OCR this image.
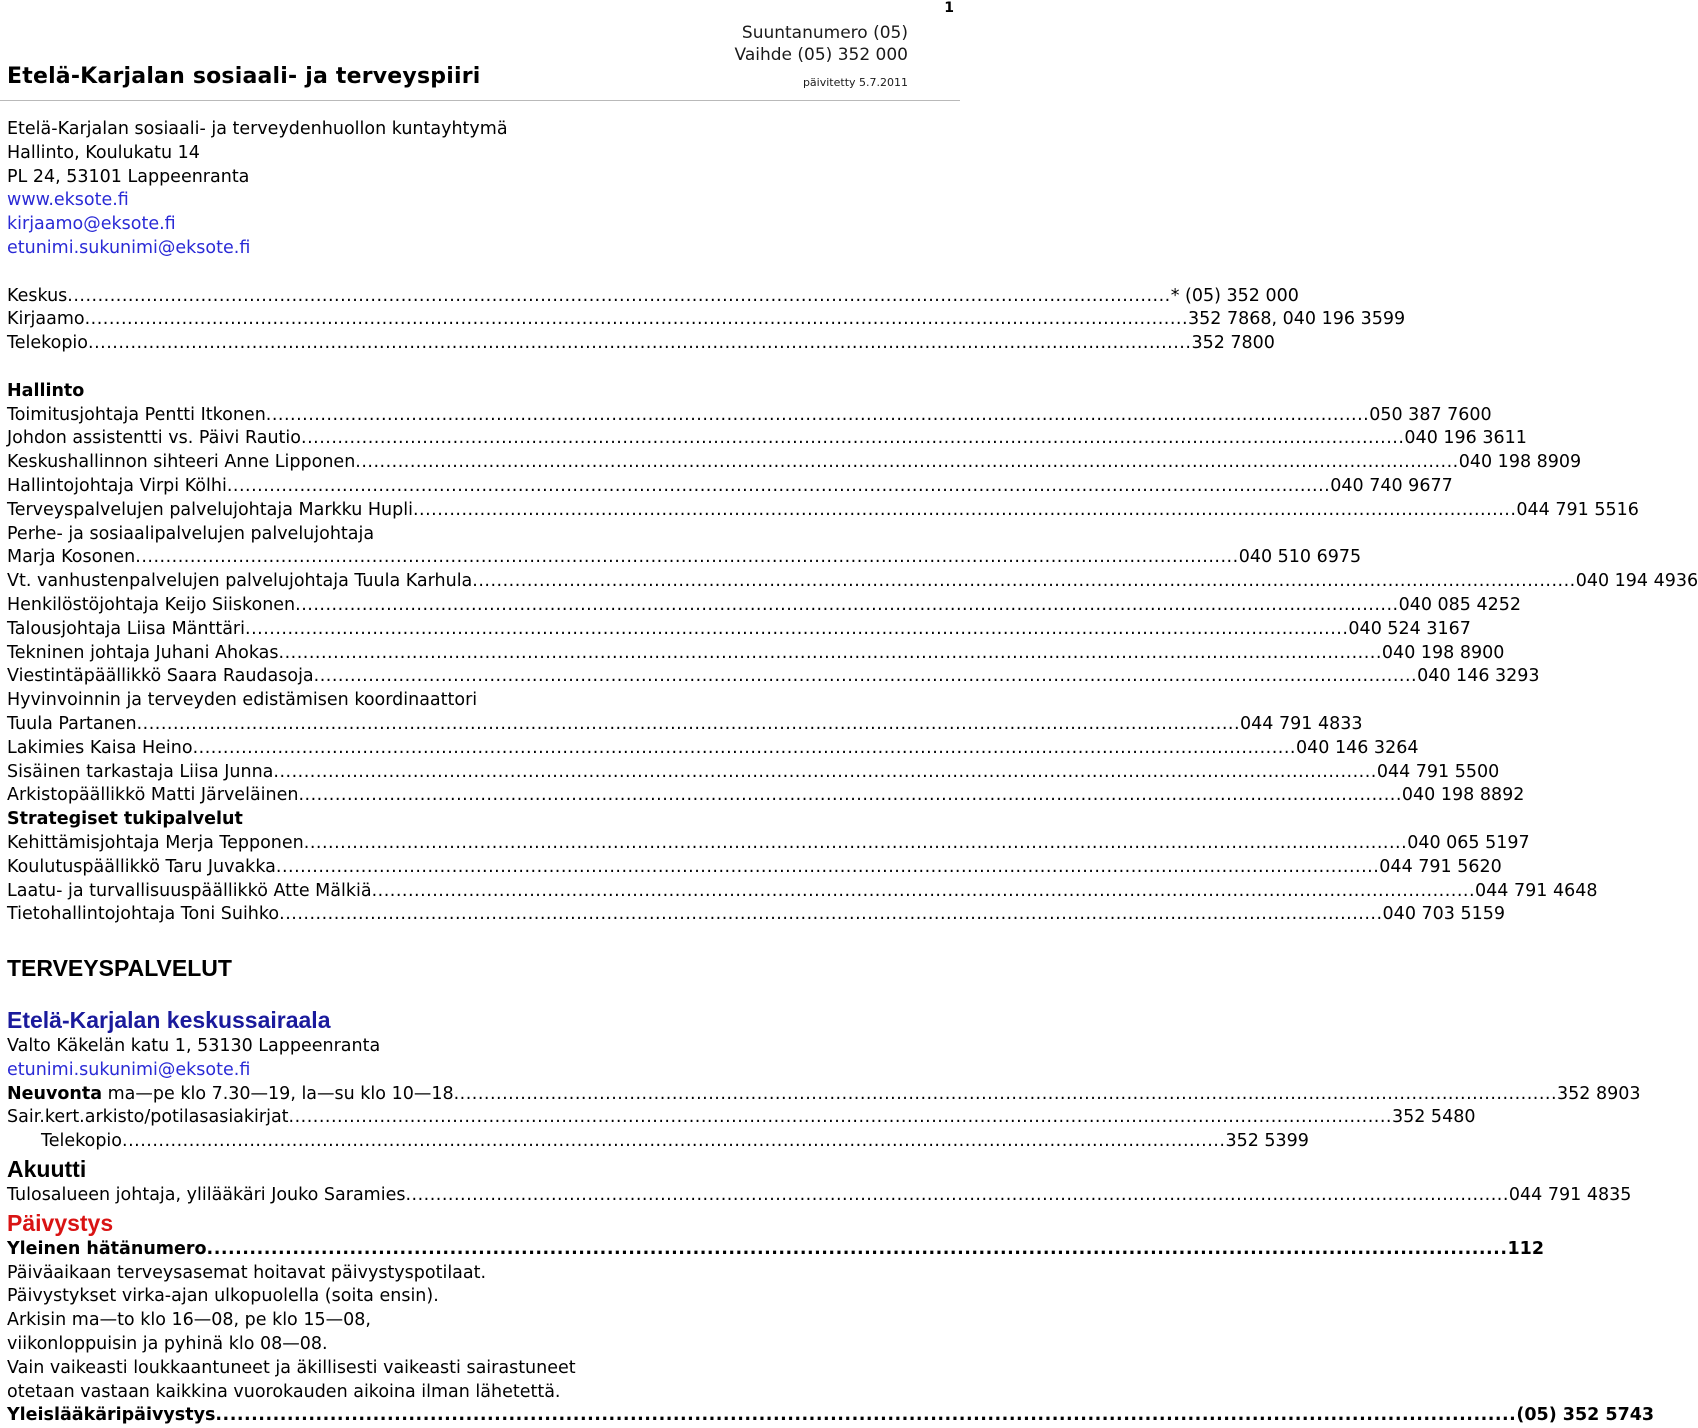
1
Etelä-Karjalan sosiaali- ja terveyspiiri
Suuntanumero (05)
Vaihde (05) 352 000
päivitetty 5.7.2011
Etelä-Karjalan sosiaali- ja terveydenhuollon kuntayhtymä
Hallinto, Koulukatu 14
PL 24, 53101 Lappeenranta
www.eksote.fi
kirjaamo@eksote.fi
etunimi.sukunimi@eksote.fi
Keskus .....	* (05) 352 000
Kirjaamo .....	352 7868, 040 196 3599
Telekopio .....	352 7800
Hallinto
Toimitusjohtaja Pentti Itkonen .....	050 387 7600
Johdon assistentti vs. Päivi Rautio .....	040 196 3611
Keskushallinnon sihteeri Anne Lipponen .....	040 198 8909
Hallintojohtaja Virpi Kölhi .....	040 740 9677
Terveyspalvelujen palvelujohtaja Markku Hupli .....	044 791 5516
Perhe- ja sosiaalipalvelujen palvelujohtaja
Marja Kosonen .....	040 510 6975
Vt. vanhustenpalvelujen palvelujohtaja Tuula Karhula .....	040 194 4936
Henkilöstöjohtaja Keijo Siiskonen .....	040 085 4252
Talousjohtaja Liisa Mänttäri .....	040 524 3167
Tekninen johtaja Juhani Ahokas .....	040 198 8900
Viestintäpäällikkö Saara Raudasoja .....	040 146 3293
Hyvinvoinnin ja terveyden edistämisen koordinaattori
Tuula Partanen .....	044 791 4833
Lakimies Kaisa Heino .....	040 146 3264
Sisäinen tarkastaja Liisa Junna .....	044 791 5500
Arkistopäällikkö Matti Järveläinen .....	040 198 8892
Strategiset tukipalvelut
Kehittämisjohtaja Merja Tepponen .....	040 065 5197
Koulutuspäällikkö Taru Juvakka .....	044 791 5620
Laatu- ja turvallisuuspäällikkö Atte Mälkiä .....	044 791 4648
Tietohallintojohtaja Toni Suihko .....	040 703 5159
TERVEYSPALVELUT
Etelä-Karjalan keskussairaala
Valto Käkelän katu 1, 53130 Lappeenranta
etunimi.sukunimi@eksote.fi
Neuvonta ma—pe klo 7.30—19, la—su klo 10—18 .....	352 8903
Sair.kert.arkisto/potilasasiakirjat .....	352 5480
Telekopio .....	352 5399
Akuutti
Tulosalueen johtaja, ylilääkäri Jouko Saramies .....	044 791 4835
Päivystys
Yleinen hätänumero .....	112
Päiväaikaan terveysasemat hoitavat päivystyspotilaat.
Päivystykset virka-ajan ulkopuolella (soita ensin).
Arkisin ma—to klo 16—08, pe klo 15—08,
viikonloppuisin ja pyhinä klo 08—08.
Vain vaikeasti loukkaantuneet ja äkillisesti vaikeasti sairastuneet
otetaan vastaan kaikkina vuorokauden aikoina ilman lähetettä.
Yleislääkäripäivystys .....	(05) 352 5743
